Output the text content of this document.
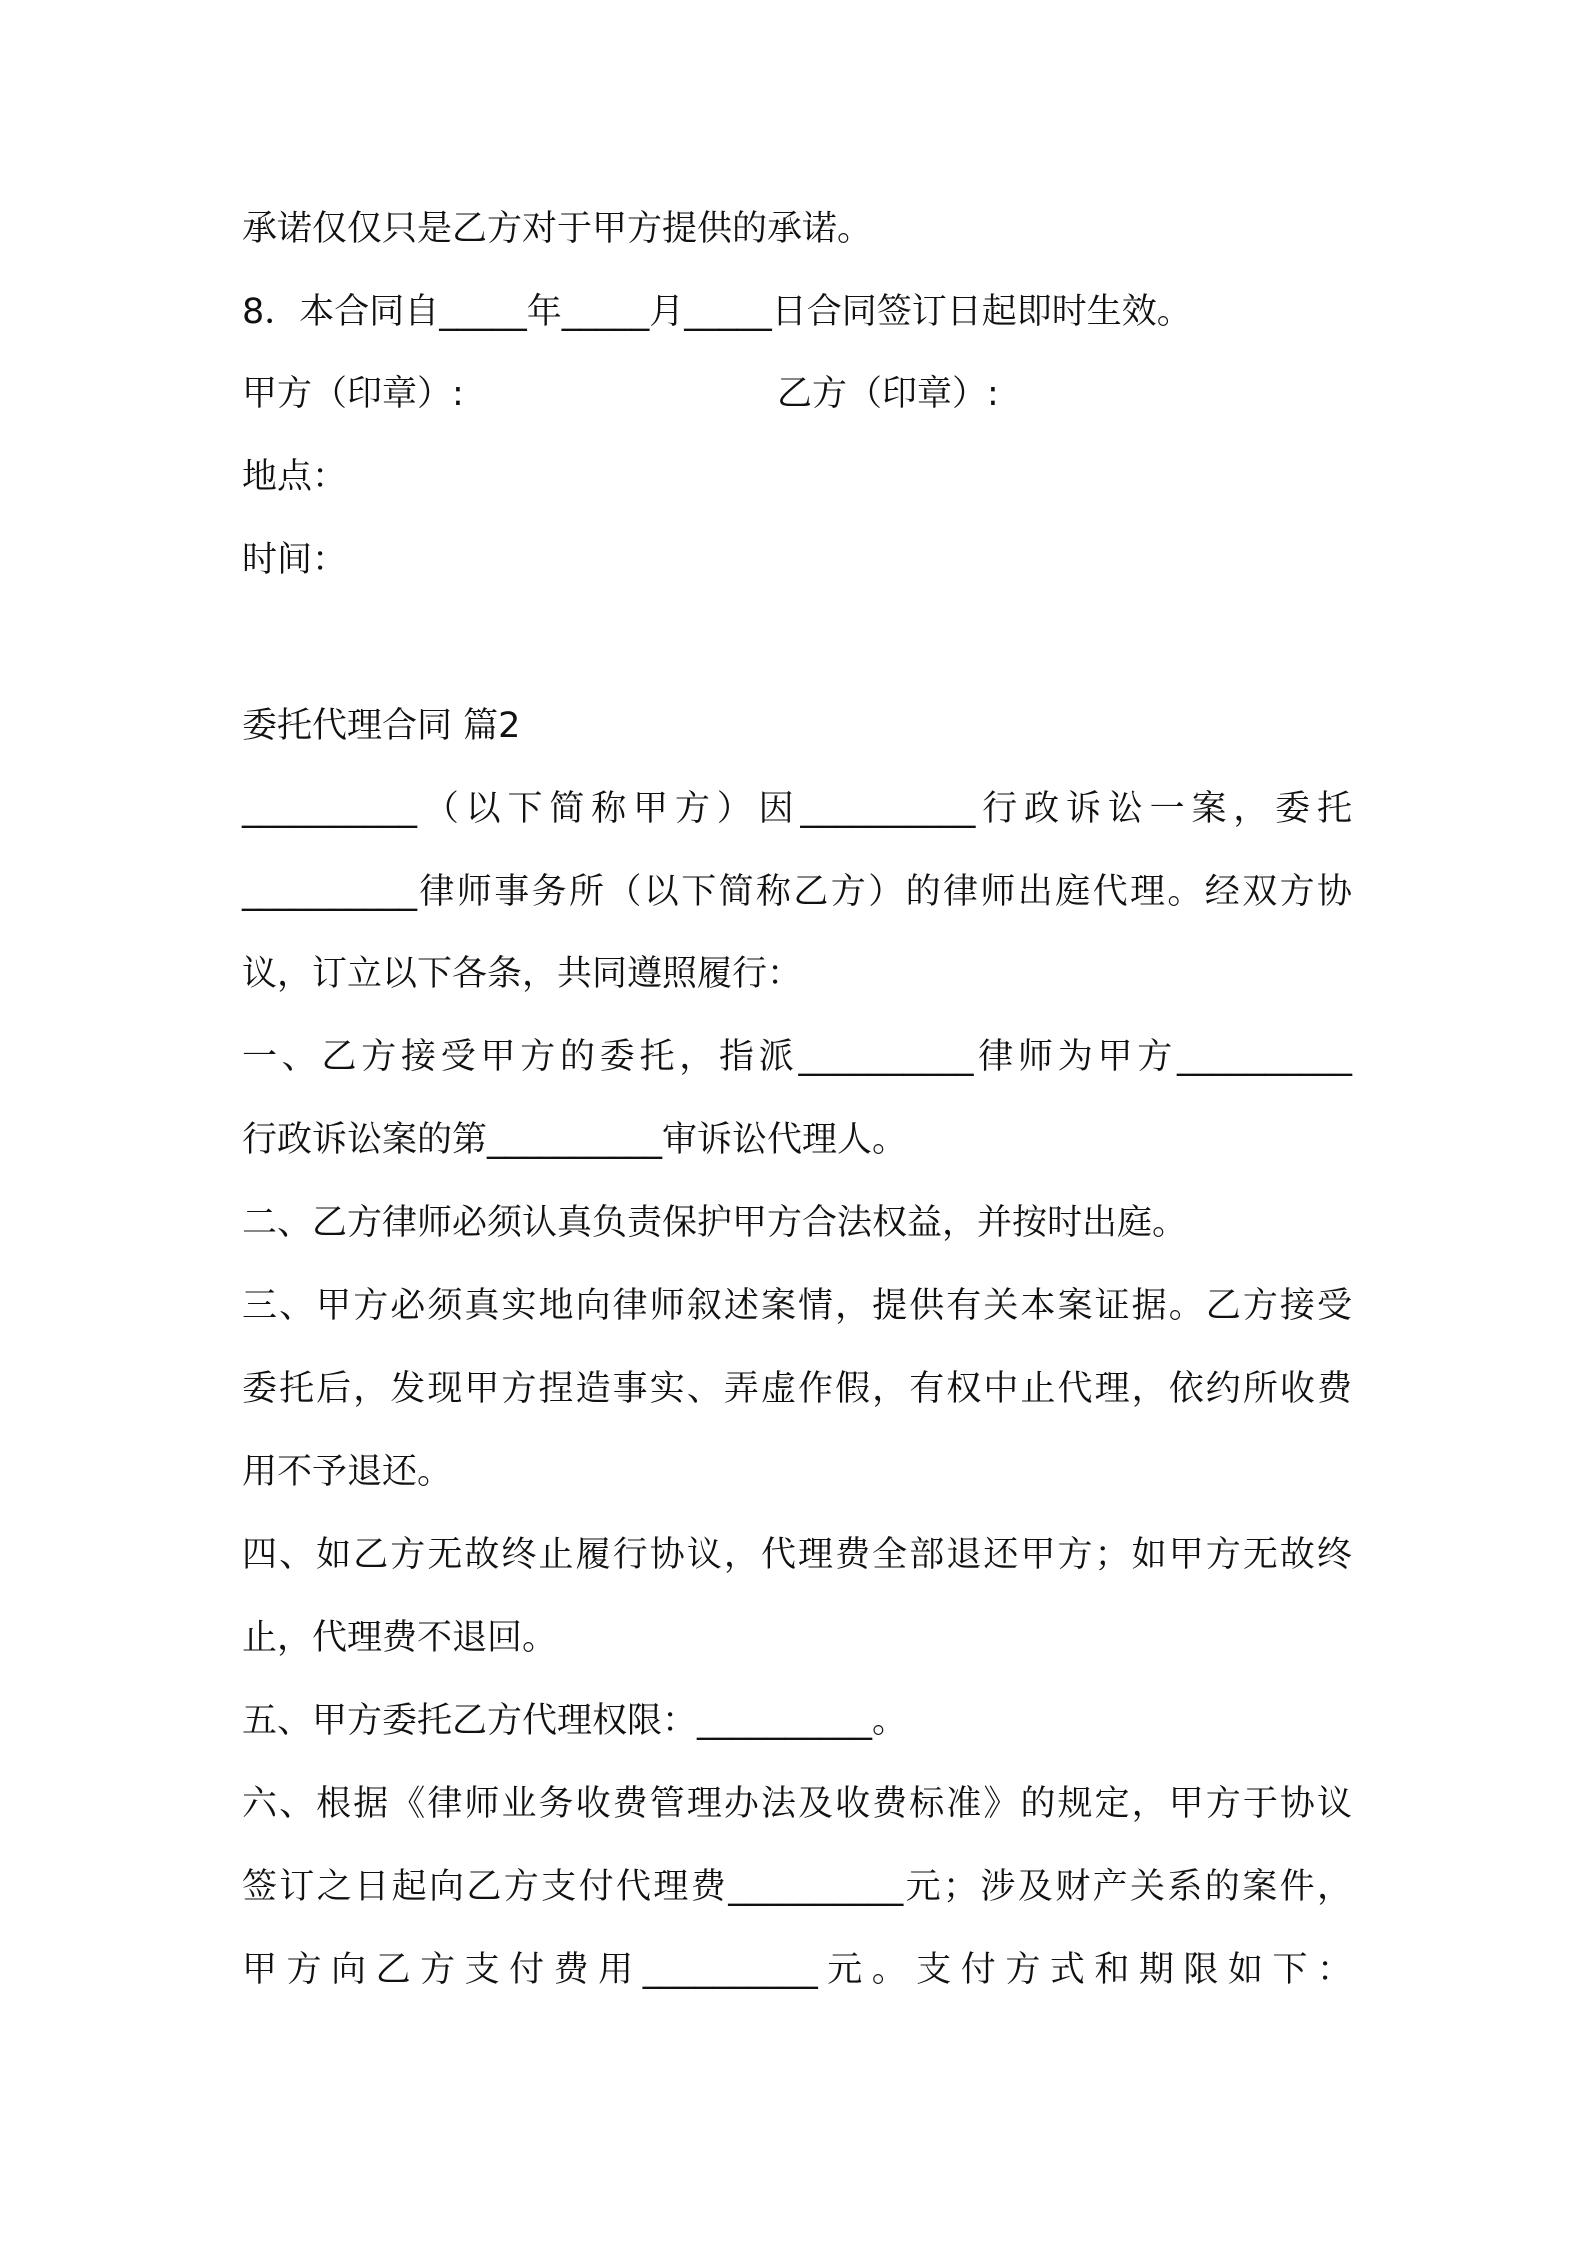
承诺仅仅只是乙方对于甲方提供的承诺。

8．本合同自_____年_____月_____日合同签订日起即时生效。

甲方（印章）:	乙方（印章）:

地点：

时间：

委托代理合同 篇2

__________（以下简称甲方）因__________行政诉讼一案，委托

__________律师事务所（以下简称乙方）的律师出庭代理。经双方协

议，订立以下各条，共同遵照履行：

一、乙方接受甲方的委托，指派__________律师为甲方__________

行政诉讼案的第__________审诉讼代理人。

二、乙方律师必须认真负责保护甲方合法权益，并按时出庭。

三、甲方必须真实地向律师叙述案情，提供有关本案证据。乙方接受

委托后，发现甲方捏造事实、弄虚作假，有权中止代理，依约所收费

用不予退还。

四、如乙方无故终止履行协议，代理费全部退还甲方；如甲方无故终

止，代理费不退回。

五、甲方委托乙方代理权限：__________。

六、根据《律师业务收费管理办法及收费标准》的规定，甲方于协议

签订之日起向乙方支付代理费__________元；涉及财产关系的案件，

甲方向乙方支付费用__________元。支付方式和期限如下：
